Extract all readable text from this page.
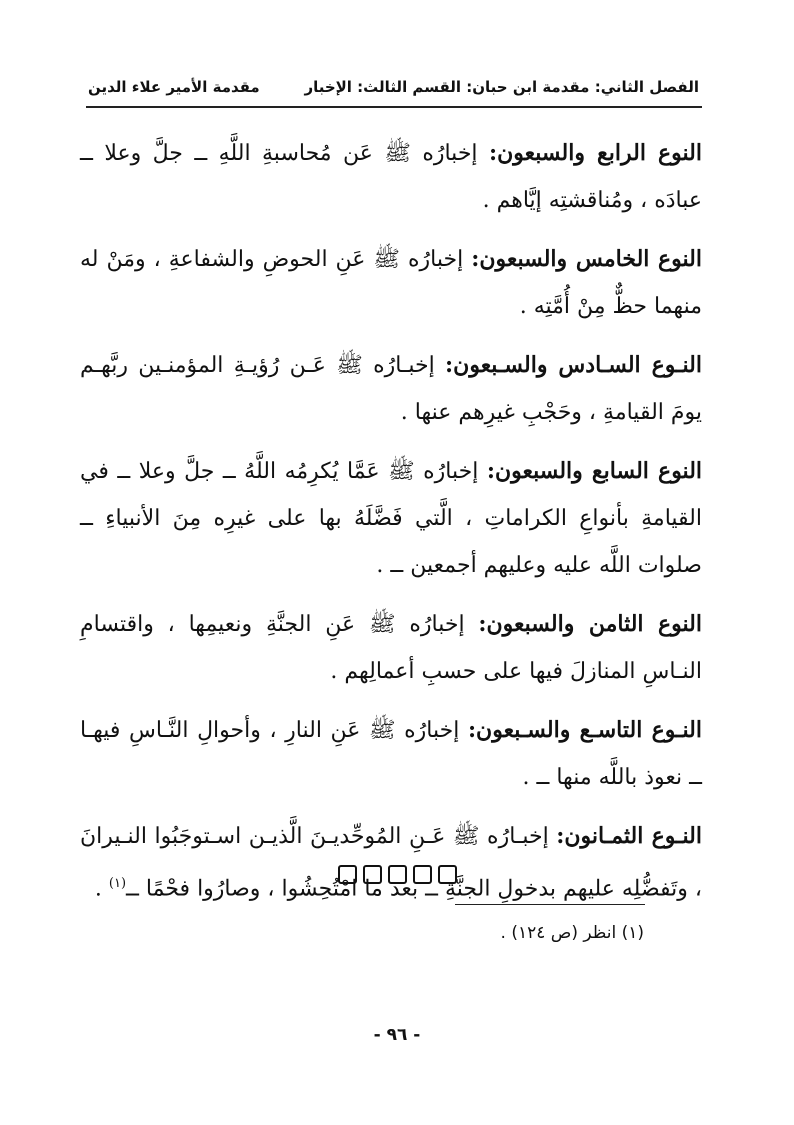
الفصل الثاني: مقدمة ابن حبان: القسم الثالث: الإخبار
مقدمة الأمير علاء الدين

النوع الرابع والسبعون: إخبارُه ﷺ عَن مُحاسبةِ اللَّهِ ــ جلَّ وعلا ــ عبادَه ، ومُناقشتِه إيَّاهم .

النوع الخامس والسبعون: إخبارُه ﷺ عَنِ الحوضِ والشفاعةِ ، ومَنْ له منهما حظٌّ مِنْ أُمَّتِه .

النـوع السـادس والسـبعون: إخبـارُه ﷺ عَـن رُؤيـةِ المؤمنـين ربَّهـم يومَ القيامةِ ، وحَجْبِ غيرِهم عنها .

النوع السابع والسبعون: إخبارُه ﷺ عَمَّا يُكرِمُه اللَّهُ ــ جلَّ وعلا ــ في القيامةِ بأنواعِ الكراماتِ ، الَّتي فَضَّلَهُ بها على غيرِه مِنَ الأنبياءِ ــ صلوات اللَّه عليه وعليهم أجمعين ــ .

النوع الثامن والسبعون: إخبارُه ﷺ عَنِ الجنَّةِ ونعيمِها ، واقتسامِ النـاسِ المنازلَ فيها على حسبِ أعمالِهم .

النـوع التاسـع والسـبعون: إخبارُه ﷺ عَنِ النارِ ، وأحوالِ النَّـاسِ فيهـا ــ نعوذ باللَّه منها ــ .

النـوع الثمـانون: إخبـارُه ﷺ عَـنِ المُوحِّديـنَ الَّذيـن اسـتوجَبُوا النـيرانَ ، وتَفضُّلِه عليهم بدخولِ الجنَّةِ ــ بعد ما امْتُحِشُوا ، وصارُوا فحْمًا ــ$^{(١)}$ .

(١) انظر (ص ١٢٤) .
- ٩٦ -
